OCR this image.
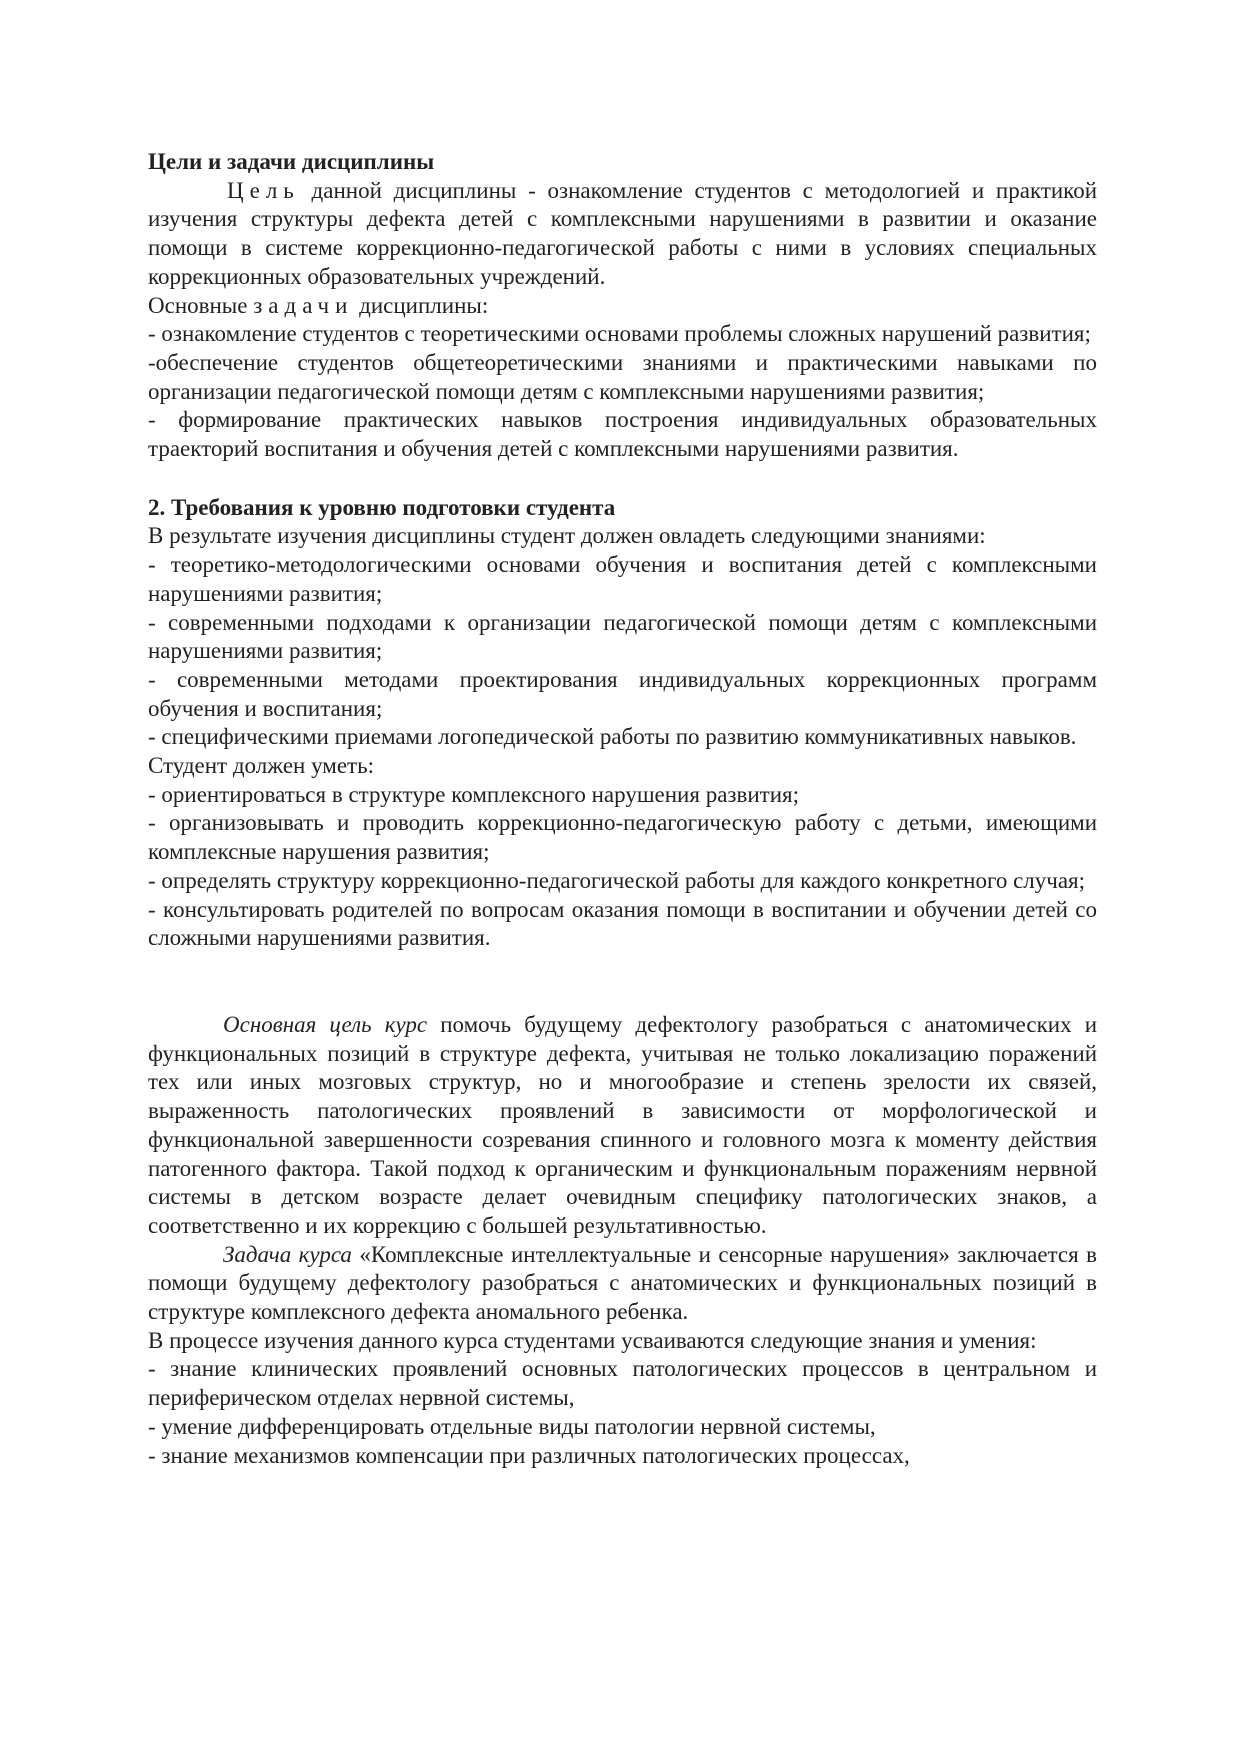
Цели и задачи дисциплины

Цель данной дисциплины - ознакомление студентов с методологией и практикой изучения структуры дефекта детей с комплексными нарушениями в развитии и оказание помощи в системе коррекционно-педагогической работы с ними в условиях специальных коррекционных образовательных учреждений.

Основные задачи дисциплины:

- ознакомление студентов с теоретическими основами проблемы сложных нарушений развития;

-обеспечение студентов общетеоретическими знаниями и практическими навыками по организации педагогической помощи детям с комплексными нарушениями развития;

- формирование практических навыков построения индивидуальных образовательных траекторий воспитания и обучения детей с комплексными нарушениями развития.

2. Требования к уровню подготовки студента

В результате изучения дисциплины студент должен овладеть следующими знаниями:

- теоретико-методологическими основами обучения и воспитания детей с комплексными нарушениями развития;

- современными подходами к организации педагогической помощи детям с комплексными нарушениями развития;

- современными методами проектирования индивидуальных коррекционных программ обучения и воспитания;

- специфическими приемами логопедической работы по развитию коммуникативных навыков.

Студент должен уметь:

- ориентироваться в структуре комплексного нарушения развития;

- организовывать и проводить коррекционно-педагогическую работу с детьми, имеющими комплексные нарушения развития;

- определять структуру коррекционно-педагогической работы для каждого конкретного случая;

- консультировать родителей по вопросам оказания помощи в воспитании и обучении детей со сложными нарушениями развития.

Основная цель курс помочь будущему дефектологу разобраться с анатомических и функциональных позиций в структуре дефекта, учитывая не только локализацию поражений тех или иных мозговых структур, но и многообразие и степень зрелости их связей, выраженность патологических проявлений в зависимости от морфологической и функциональной завершенности созревания спинного и головного мозга к моменту действия патогенного фактора. Такой подход к органическим и функциональным поражениям нервной системы в детском возрасте делает очевидным специфику патологических знаков, а соответственно и их коррекцию с большей результативностью.

Задача курса «Комплексные интеллектуальные и сенсорные нарушения» заключается в помощи будущему дефектологу разобраться с анатомических и функциональных позиций в структуре комплексного дефекта аномального ребенка.

В процессе изучения данного курса студентами усваиваются следующие знания и умения:

- знание клинических проявлений основных патологических процессов в центральном и периферическом отделах нервной системы,

- умение дифференцировать отдельные виды патологии нервной системы,

- знание механизмов компенсации при различных патологических процессах,
